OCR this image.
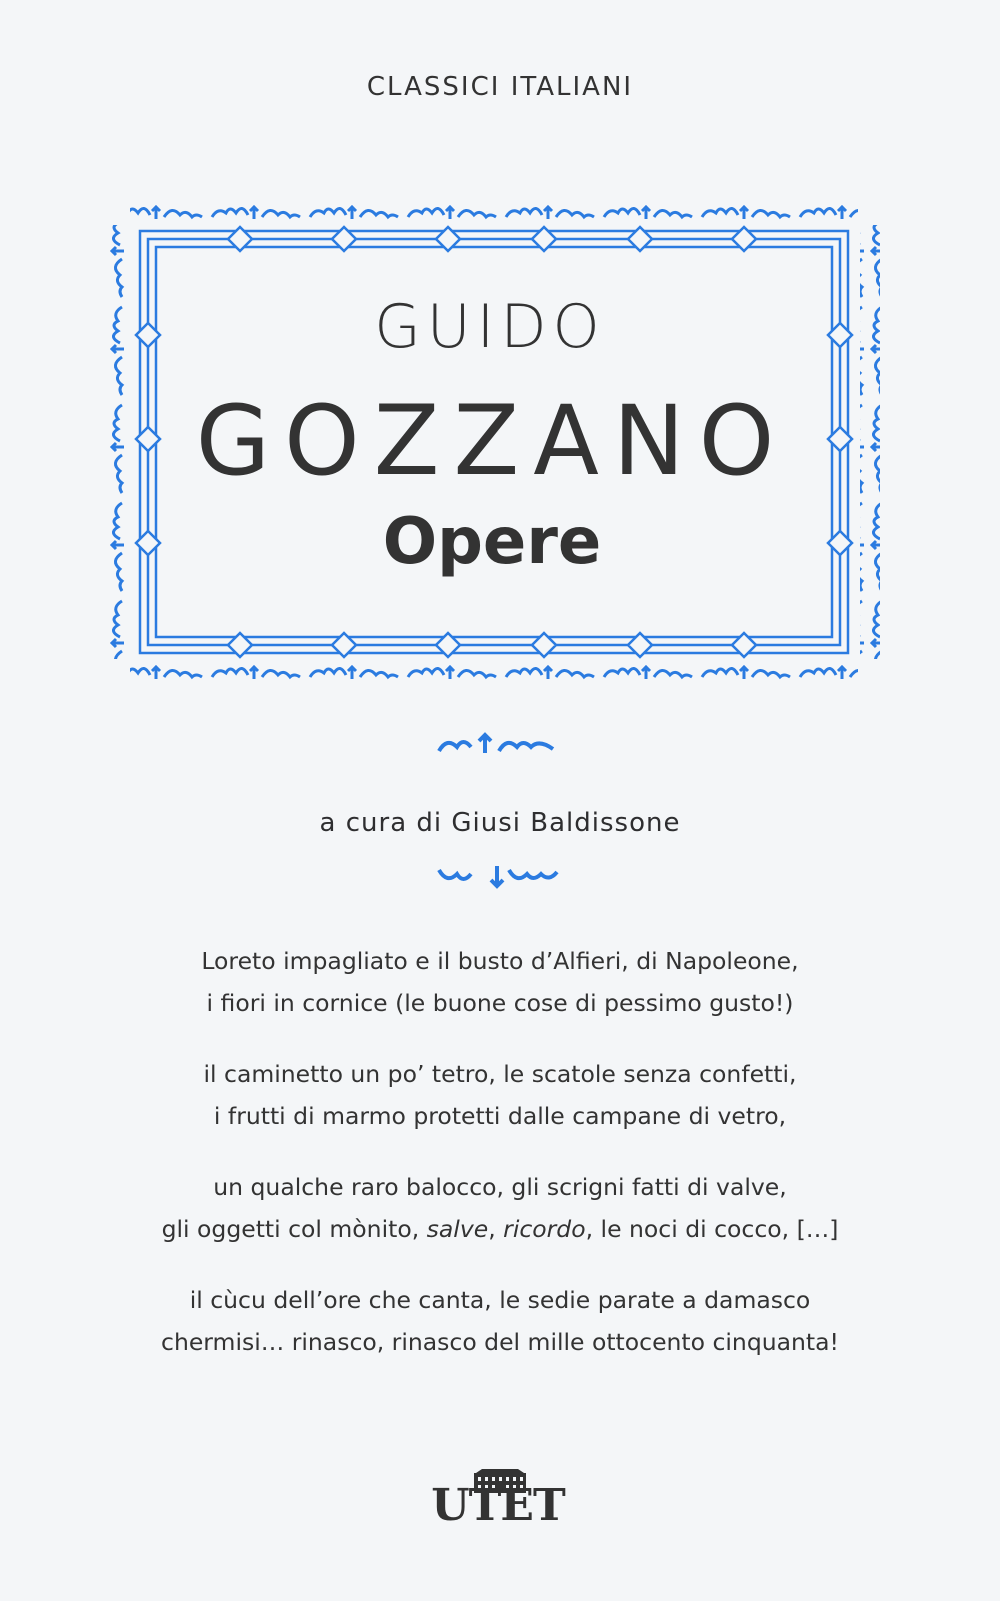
CLASSICI ITALIANI
GUIDO
GOZZANO
Opere
a cura di Giusi Baldissone
Loreto impagliato e il busto d’Alfieri, di Napoleone,
i fiori in cornice (le buone cose di pessimo gusto!)
il caminetto un po’ tetro, le scatole senza confetti,
i frutti di marmo protetti dalle campane di vetro,
un qualche raro balocco, gli scrigni fatti di valve,
gli oggetti col mònito, salve, ricordo, le noci di cocco, […]
il cùcu dell’ore che canta, le sedie parate a damasco
chermisi… rinasco, rinasco del mille ottocento cinquanta!
UTET
